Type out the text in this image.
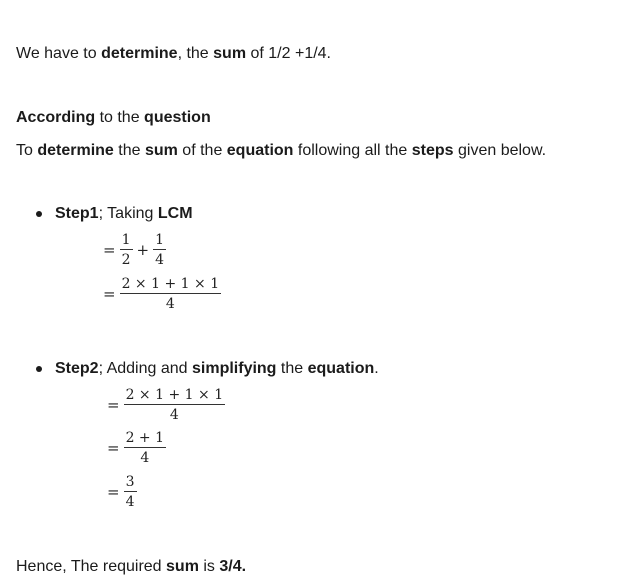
We have to determine, the sum of 1/2 +1/4.
According to the question
To determine the sum of the equation following all the steps given below.
Step1; Taking LCM
= $\frac{1}{2} + \frac{1}{4}$
= $\frac{2 \times 1 + 1 \times 1}{4}$
Step2; Adding and simplifying the equation.
= $\frac{2 \times 1 + 1 \times 1}{4}$
= $\frac{2 + 1}{4}$
= $\frac{3}{4}$
Hence, The required sum is 3/4.
